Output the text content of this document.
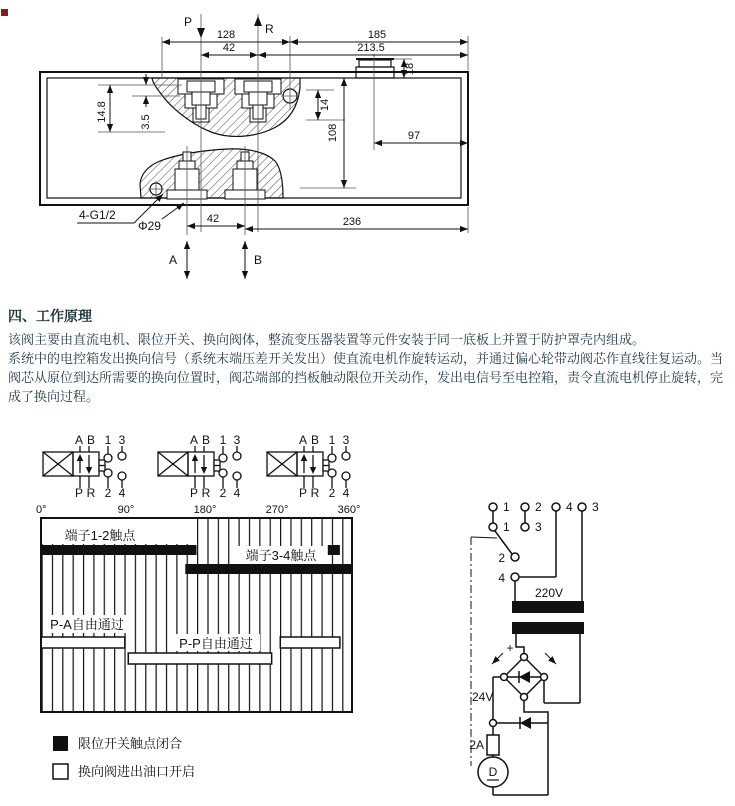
P	R
128	185
42	213.5
18
14.8	3.5
14
108	97
42	236
4-G1/2
Φ29
A	B
A B 1 3
P R 2 4
A B 1 3
P R 2 4
A B 1 3
P R 2 4
0°	90°	180°	270°	360°
端子1-2触点
端子3-4触点
P-A自由通过
P-P自由通过
限位开关触点闭合
换向阀进出油口开启
1 2 4 3
1 3
2
4
220V
+
24V
2A
D
四、工作原理

该阀主要由直流电机、限位开关、换向阀体，整流变压器装置等元件安装于同一底板上并置于防护罩壳内组成。

系统中的电控箱发出换向信号（系统末端压差开关发出）使直流电机作旋转运动，并通过偏心轮带动阀芯作直线往复运动。当阀芯从原位到达所需要的换向位置时，阀芯端部的挡板触动限位开关动作，发出电信号至电控箱，责令直流电机停止旋转，完成了换向过程。
